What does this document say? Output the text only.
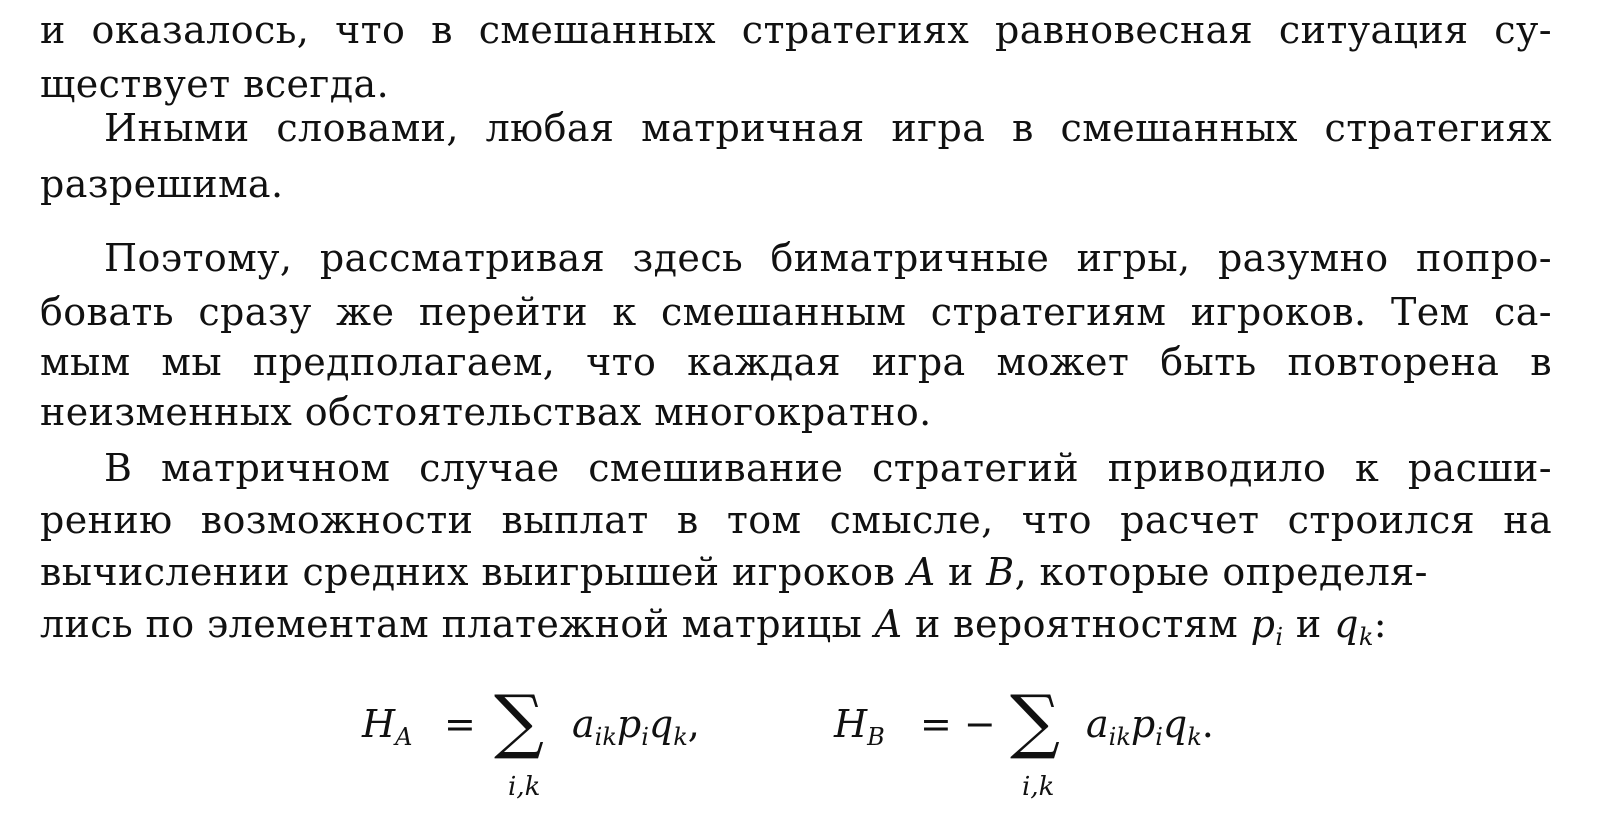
и оказалось, что в смешанных стратегиях равновесная ситуация су-
ществует всегда.
Иными словами, любая матричная игра в смешанных стратегиях
разрешима.
Поэтому, рассматривая здесь биматричные игры, разумно попро-
бовать сразу же перейти к смешанным стратегиям игроков. Тем са-
мым мы предполагаем, что каждая игра может быть повторена в
неизменных обстоятельствах многократно.
В матричном случае смешивание стратегий приводило к расши-
рению возможности выплат в том смысле, что расчет строился на
вычислении средних выигрышей игроков A и B, которые определя-
лись по элементам платежной матрицы A и вероятностям $p_i$ и $q_k$:
$H_A$ = ∑
i,k
$a_{ik}p_iq_k$,	$H_B$ = − ∑
i,k
$a_{ik}p_iq_k$.
